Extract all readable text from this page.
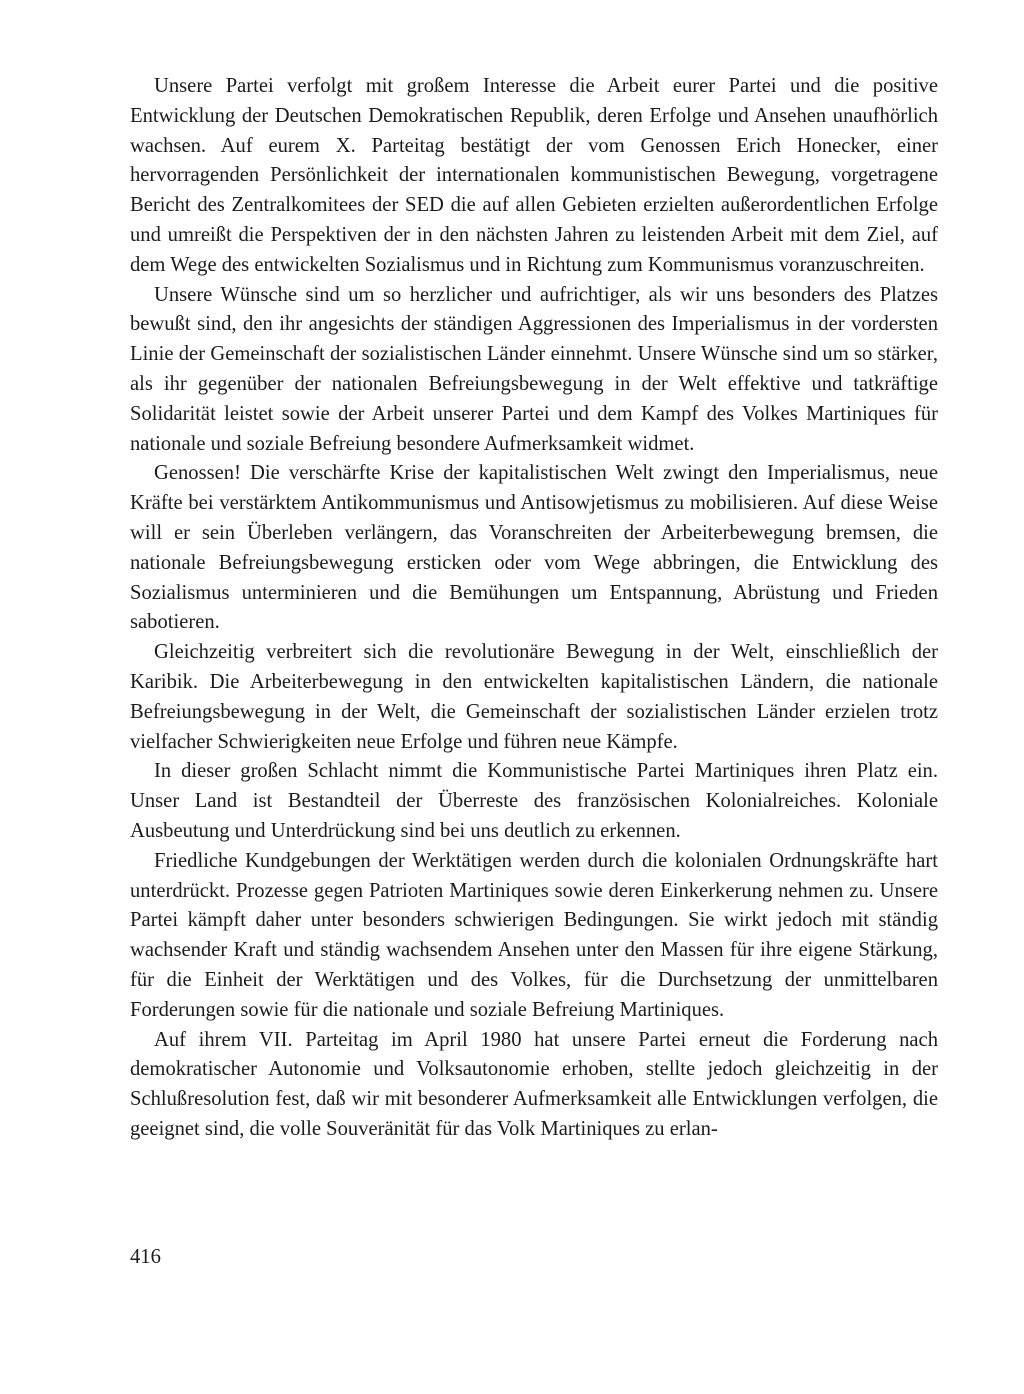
Unsere Partei verfolgt mit großem Interesse die Arbeit eurer Partei und die positive Entwicklung der Deutschen Demokratischen Republik, deren Erfolge und Ansehen unaufhörlich wachsen. Auf eurem X. Parteitag bestätigt der vom Genossen Erich Honecker, einer hervorragenden Persönlichkeit der internationalen kommunistischen Bewegung, vorgetragene Bericht des Zentralkomitees der SED die auf allen Gebieten erzielten außerordentlichen Erfolge und umreißt die Perspektiven der in den nächsten Jahren zu leistenden Arbeit mit dem Ziel, auf dem Wege des entwickelten Sozialismus und in Richtung zum Kommunismus voranzuschreiten.

Unsere Wünsche sind um so herzlicher und aufrichtiger, als wir uns besonders des Platzes bewußt sind, den ihr angesichts der ständigen Aggressionen des Imperialismus in der vordersten Linie der Gemeinschaft der sozialistischen Länder einnehmt. Unsere Wünsche sind um so stärker, als ihr gegenüber der nationalen Befreiungsbewegung in der Welt effektive und tatkräftige Solidarität leistet sowie der Arbeit unserer Partei und dem Kampf des Volkes Martiniques für nationale und soziale Befreiung besondere Aufmerksamkeit widmet.

Genossen! Die verschärfte Krise der kapitalistischen Welt zwingt den Imperialismus, neue Kräfte bei verstärktem Antikommunismus und Antisowjetismus zu mobilisieren. Auf diese Weise will er sein Überleben verlängern, das Voranschreiten der Arbeiterbewegung bremsen, die nationale Befreiungsbewegung ersticken oder vom Wege abbringen, die Entwicklung des Sozialismus unterminieren und die Bemühungen um Entspannung, Abrüstung und Frieden sabotieren.

Gleichzeitig verbreitert sich die revolutionäre Bewegung in der Welt, einschließlich der Karibik. Die Arbeiterbewegung in den entwickelten kapitalistischen Ländern, die nationale Befreiungsbewegung in der Welt, die Gemeinschaft der sozialistischen Länder erzielen trotz vielfacher Schwierigkeiten neue Erfolge und führen neue Kämpfe.

In dieser großen Schlacht nimmt die Kommunistische Partei Martiniques ihren Platz ein. Unser Land ist Bestandteil der Überreste des französischen Kolonialreiches. Koloniale Ausbeutung und Unterdrückung sind bei uns deutlich zu erkennen.

Friedliche Kundgebungen der Werktätigen werden durch die kolonialen Ordnungskräfte hart unterdrückt. Prozesse gegen Patrioten Martiniques sowie deren Einkerkerung nehmen zu. Unsere Partei kämpft daher unter besonders schwierigen Bedingungen. Sie wirkt jedoch mit ständig wachsender Kraft und ständig wachsendem Ansehen unter den Massen für ihre eigene Stärkung, für die Einheit der Werktätigen und des Volkes, für die Durchsetzung der unmittelbaren Forderungen sowie für die nationale und soziale Befreiung Martiniques.

Auf ihrem VII. Parteitag im April 1980 hat unsere Partei erneut die Forderung nach demokratischer Autonomie und Volksautonomie erhoben, stellte jedoch gleichzeitig in der Schlußresolution fest, daß wir mit besonderer Aufmerksamkeit alle Entwicklungen verfolgen, die geeignet sind, die volle Souveränität für das Volk Martiniques zu erlan-

416
